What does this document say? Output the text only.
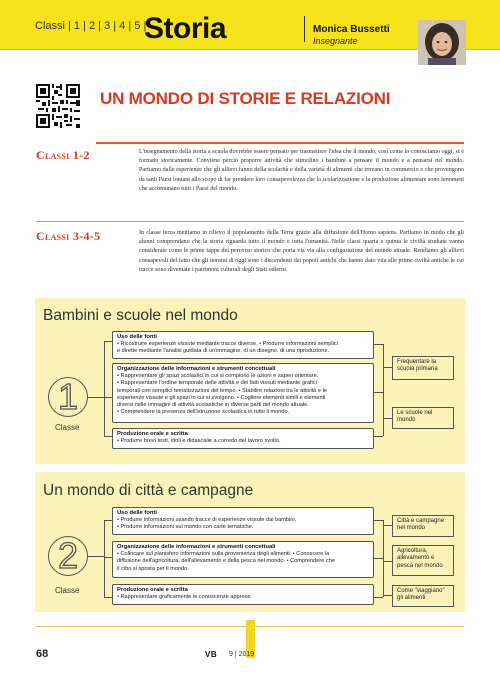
Classi | 1 | 2 | 3 | 4 | 5 |
Storia	Monica Bussetti
Insegnante
UN MONDO DI STORIE E RELAZIONI
Classi 1-2	L'insegnamento della storia a scuola dovrebbe essere pensato per trasmettere l'idea che il mondo, così come lo conosciamo oggi, si è formato storicamente. Conviene perciò proporre attività che stimolino i bambini a pensare il mondo e a pensarsi nel mondo. Partiamo dalle esperienze che gli allievi fanno della scolarità e della varietà di alimenti che trovano in commercio e che provengono da tanti Paesi lontani allo scopo di far prendere loro consapevolezza che la scolarizzazione e la produzione alimentare sono fenomeni che accomunano tutti i Paesi del mondo.
Classi 3-4-5	In classe terza mettiamo in rilievo il popolamento della Terra grazie alla diffusione dell'Homo sapiens. Partiamo in modo che gli alunni comprendano che la storia riguarda tutto il mondo e tutta l'umanità. Nelle classi quarta e quinta le civiltà studiate vanno considerate come le prime tappe del percorso storico che porta via via alla configurazione del mondo attuale. Rendiamo gli allievi consapevoli del fatto che gli uomini di oggi sono i discendenti dei popoli antichi che hanno dato vita alle prime civiltà antiche le cui tracce sono diventate i patrimoni culturali degli Stati odierni.
Bambini e scuole nel mondo
1
Classe
Uso delle fonti
• Ricostruire esperienze vissute mediante tracce diverse. • Produrre informazioni semplici
e dirette mediante l'analisi guidata di un'immagine, di un disegno, di una riproduzione.
Organizzazione delle informazioni e strumenti concettuali
• Rappresentare gli spazi scolastici in cui si compiono le azioni e saperi orientare.
• Rappresentare l'ordine temporale delle attività e dei fatti vissuti mediante grafici
temporali con semplici tematizzazioni del tempo. • Stabilire relazioni tra le attività e le
esperienze vissute e gli spazi in cui si svolgono. • Cogliere elementi simili e elementi
diversi nelle immagini di attività scolastiche in diverse parti del mondo attuale.
• Comprendere la presenza dell'istruzione scolastica in tutto il mondo.
Produzione orale e scritta
• Produrre brevi testi, titoli e didascalie a corredo del lavoro svolto.
Frequentare la scuola primaria
Le scuole nel mondo
Un mondo di città e campagne
2
Classe
Uso delle fonti
• Produrre informazioni usando tracce di esperienze vissute dai bambini.
• Produrre informazioni sul mondo con carte tematiche.
Organizzazione delle informazioni e strumenti concettuali
• Collocare sul planisfero informazioni sulla provenienza degli alimenti. • Conoscere la
diffusione dell'agricoltura, dell'allevamento e della pesca nel mondo. • Comprendere che
il cibo si sposta per il mondo.
Produzione orale e scritta
• Rappresentare graficamente le conoscenze apprese.
Città e campagne nel mondo
Agricoltura, allevamento e pesca nel mondo
Come "viaggiano" gli alimenti
68	VB 9 | 2019
